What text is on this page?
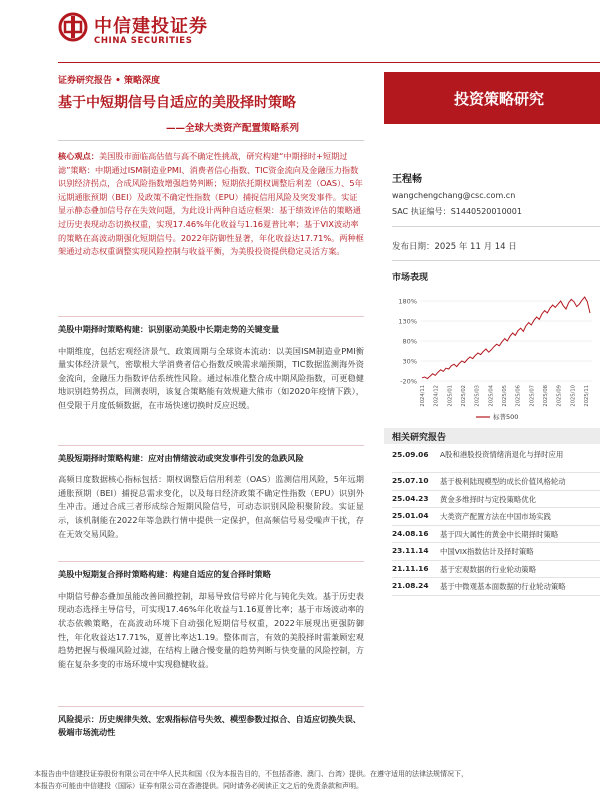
中信建投证券
CHINA SECURITIES
证券研究报告 • 策略深度
基于中短期信号自适应的美股择时策略
——全球大类资产配置策略系列
投资策略研究
核心观点：美国股市面临高估值与高不确定性挑战，研究构建“中期择时+短期过滤”策略：中期通过ISM制造业PMI、消费者信心指数、TIC资金流向及金融压力指数识别经济拐点，合成风险指数增强趋势判断；短期依托期权调整后利差（OAS）、5年远期通胀预期（BEI）及政策不确定性指数（EPU）捕捉信用风险及突发事件。实证显示静态叠加信号存在失效问题，为此设计两种自适应框架：基于绩效评估的策略通过历史表现动态切换权重，实现17.46%年化收益与1.16夏普比率；基于VIX波动率的策略在高波动期强化短期信号。2022年防御性显著，年化收益达17.71%。两种框架通过动态权重调整实现风险控制与收益平衡，为美股投资提供稳定灵活方案。
美股中期择时策略构建：识别驱动美股中长期走势的关键变量
中期维度，包括宏观经济景气、政策周期与全球资本流动：以美国ISM制造业PMI衡量实体经济景气，密歇根大学消费者信心指数反映需求端预期，TIC数据监测海外资金流向，金融压力指数评估系统性风险。通过标准化整合成中期风险指数，可更稳健地识别趋势拐点，回测表明，该复合策略能有效规避大熊市（如2020年疫情下跌），但受限于月度低频数据，在市场快速切换时反应迟缓。
美股短期择时策略构建：应对由情绪波动或突发事件引发的急跌风险
高频日度数据核心指标包括：期权调整后信用利差（OAS）监测信用风险，5年远期通胀预期（BEI）捕捉总需求变化，以及每日经济政策不确定性指数（EPU）识别外生冲击。通过合成三者形成综合短期风险信号，可动态识别风险积聚阶段。实证显示，该机制能在2022年等急跌行情中提供一定保护，但高频信号易受噪声干扰，存在无效交易风险。
美股中短期复合择时策略构建：构建自适应的复合择时策略
中期信号静态叠加虽能改善回撤控制，却易导致信号碎片化与钝化失效。基于历史表现动态选择主导信号，可实现17.46%年化收益与1.16夏普比率；基于市场波动率的状态依赖策略，在高波动环境下自动强化短期信号权重，2022年展现出更强防御性，年化收益达17.71%，夏普比率达1.19。整体而言，有效的美股择时需兼顾宏观趋势把握与极端风险过滤，在结构上融合慢变量的趋势判断与快变量的风险控制，方能在复杂多变的市场环境中实现稳健收益。
风险提示：历史规律失效、宏观指标信号失效、模型参数过拟合、自适应切换失误、极端市场流动性
王程畅
wangchengchang@csc.com.cn
SAC 执证编号：S1440520010001
发布日期：2025 年 11 月 14 日
市场表现
180%
130%
80%
30%
-20%
2024/11 2024/12 2025/01 2025/02 2025/03 2025/04 2025/05 2025/06 2025/07 2025/08 2025/09 2025/10 2025/11
标普500
相关研究报告
25.09.06	A股和港股投资情绪消退化与择时应用
25.07.10	基于极利陆现模型的成长价值风格轮动
25.04.23	黄金多维择时与定投策略优化
25.01.04	大类资产配置方法在中国市场实践
24.08.16	基于四大属性的黄金中长期择时策略
23.11.14	中国VIX指数估计及择时策略
21.11.16	基于宏观数据的行业轮动策略
21.08.24	基于中微观基本面数据的行业轮动策略
本报告由中信建投证券股份有限公司在中华人民共和国（仅为本报告目的，不包括香港、澳门、台湾）提供。在遵守适用的法律法规情况下，
本报告亦可能由中信建投（国际）证券有限公司在香港提供。同时请务必阅读正文之后的免责条款和声明。
